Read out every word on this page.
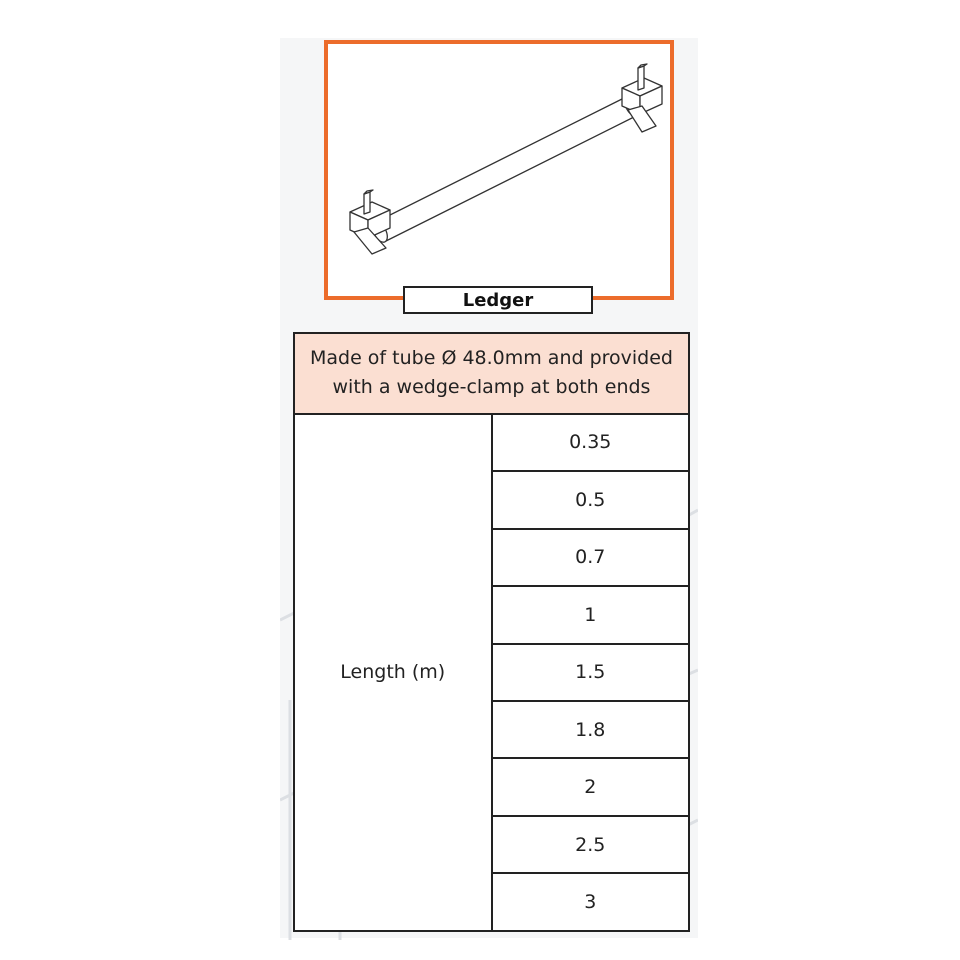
Ledger
Made of tube Ø 48.0mm and provided
with a wedge-clamp at both ends

Length (m)	0.35
0.5
0.7
1
1.5
1.8
2
2.5
3
